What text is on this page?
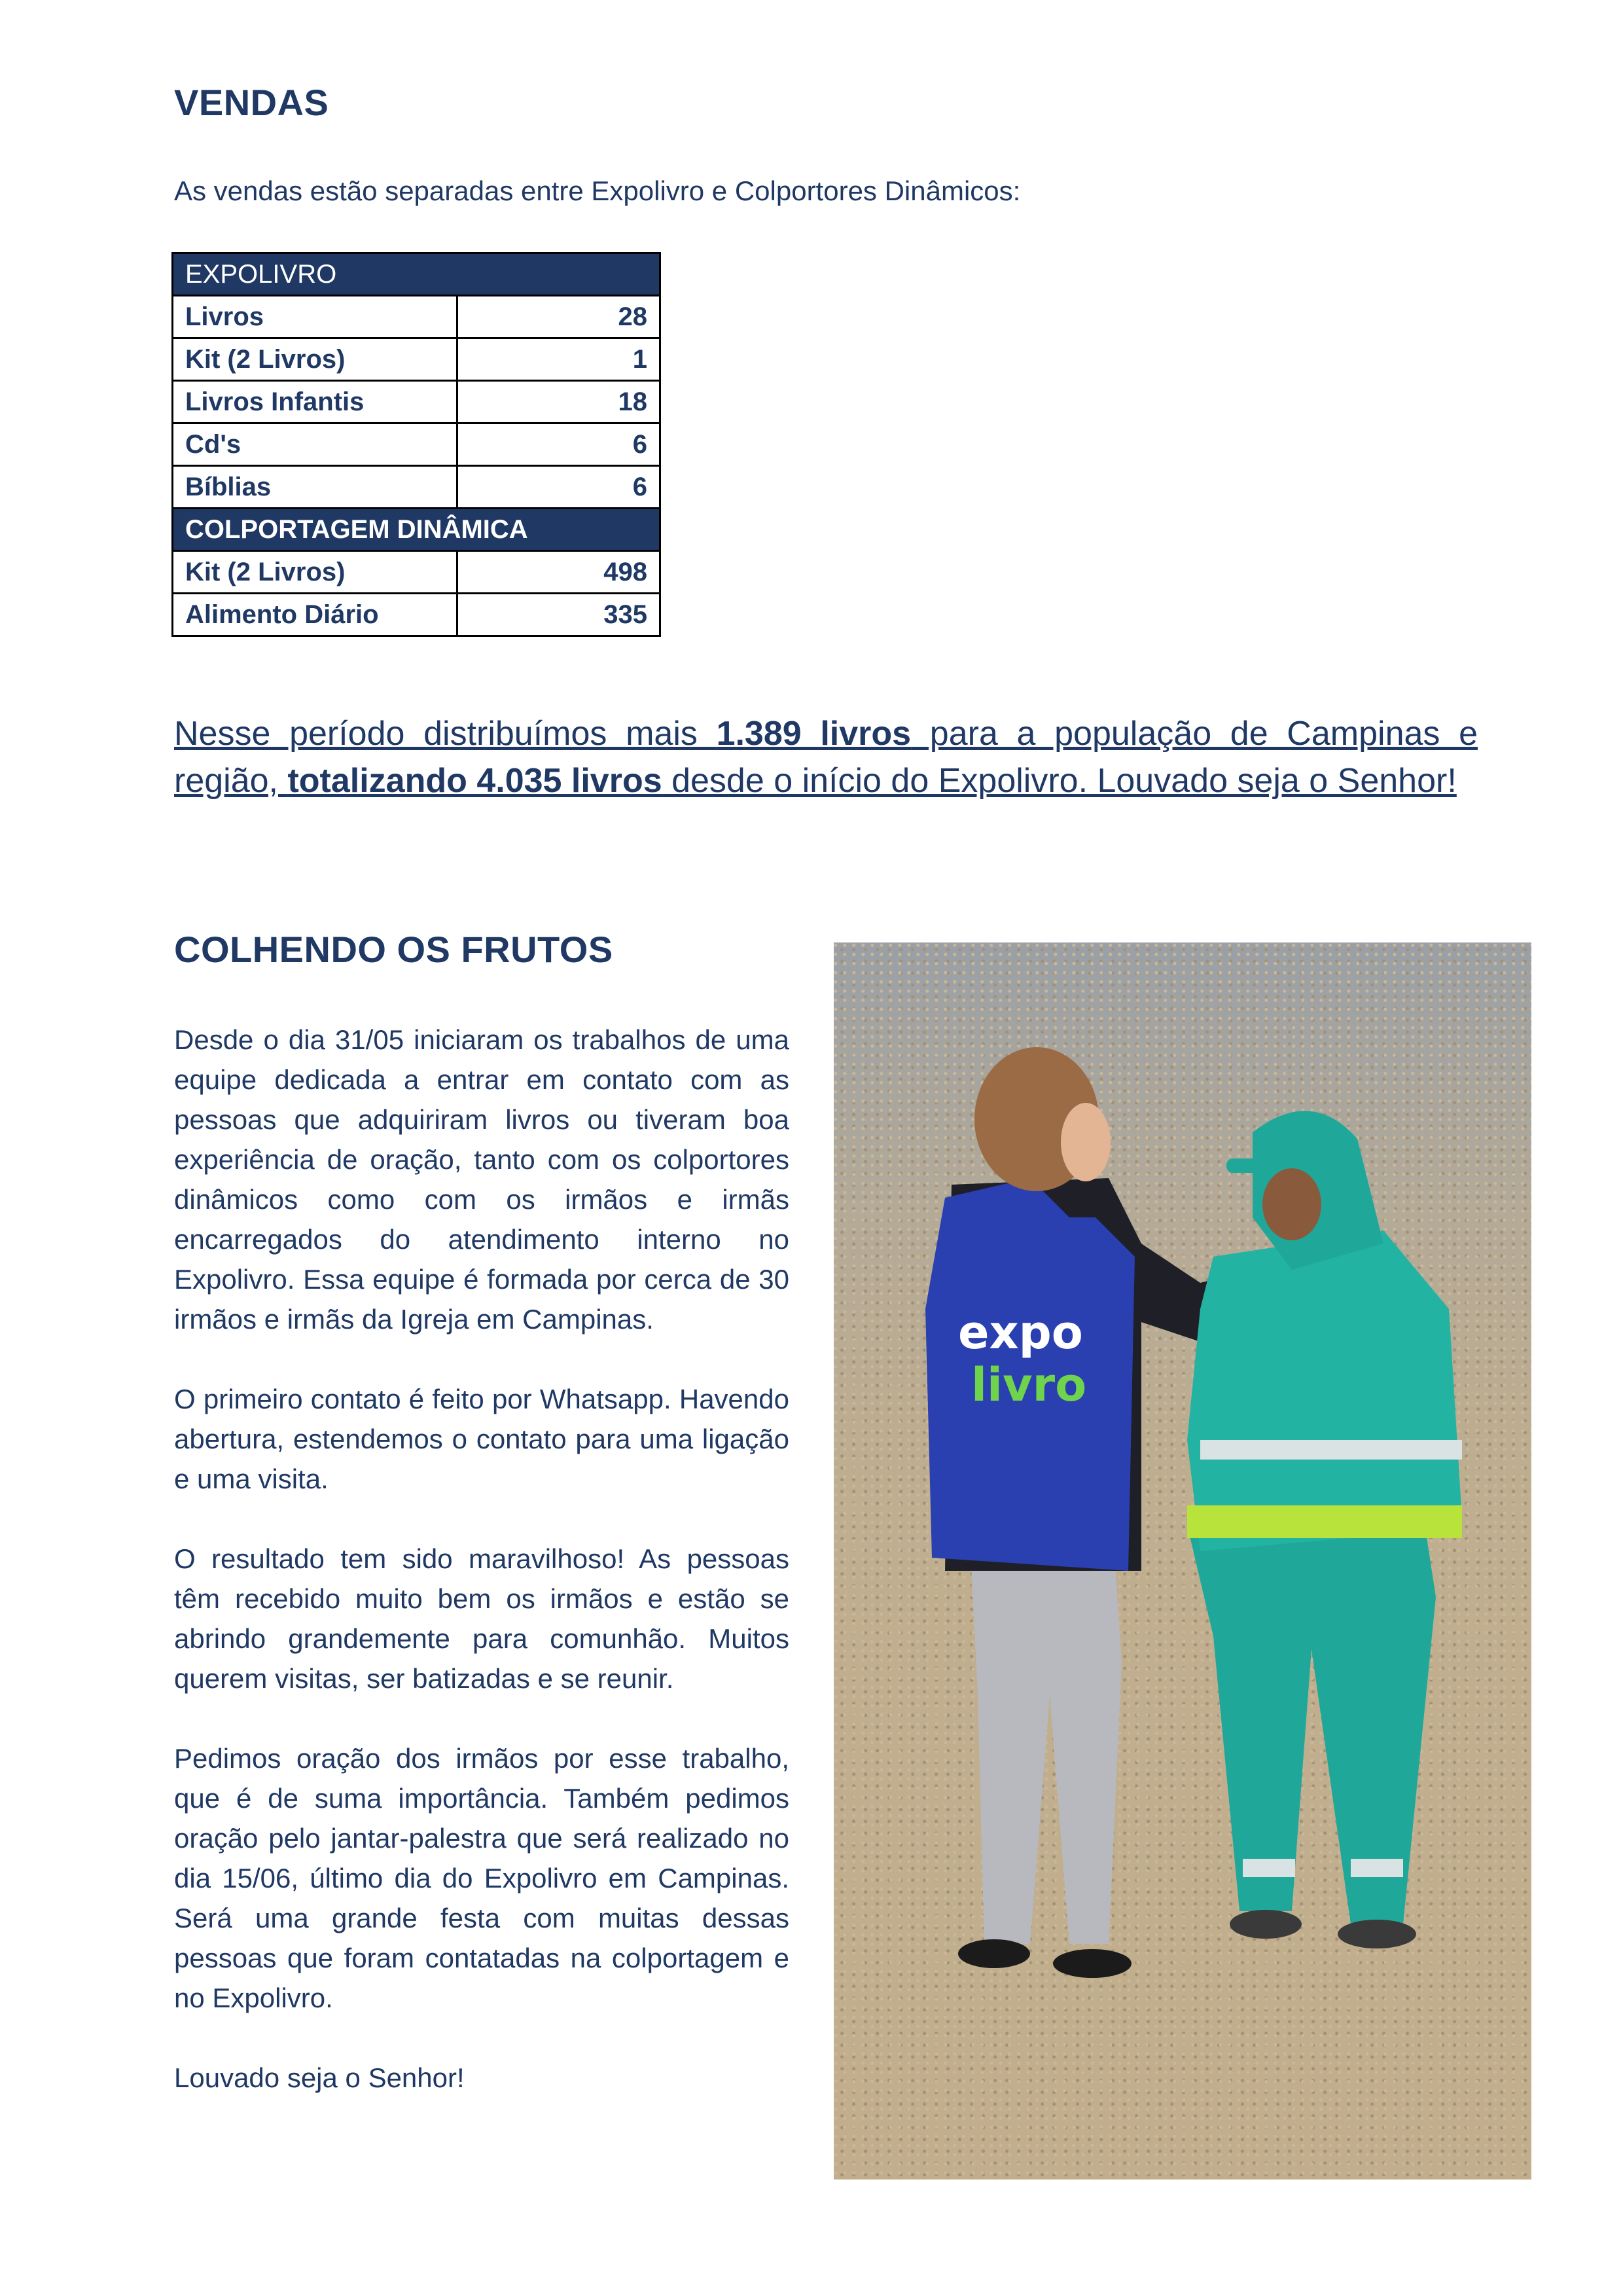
VENDAS

As vendas estão separadas entre Expolivro e Colportores Dinâmicos:

EXPOLIVRO	
Livros	28
Kit (2 Livros)	1
Livros Infantis	18
Cd's	6
Bíblias	6
COLPORTAGEM DINÂMICA	
Kit (2 Livros)	498
Alimento Diário	335

Nesse período distribuímos mais 1.389 livros para a população de Campinas e região, totalizando 4.035 livros desde o início do Expolivro. Louvado seja o Senhor!

COLHENDO OS FRUTOS

Desde o dia 31/05 iniciaram os trabalhos de uma equipe dedicada a entrar em contato com as pessoas que adquiriram livros ou tiveram boa experiência de oração, tanto com os colportores dinâmicos como com os irmãos e irmãs encarregados do atendimento interno no Expolivro. Essa equipe é formada por cerca de 30 irmãos e irmãs da Igreja em Campinas.

O primeiro contato é feito por Whatsapp. Havendo abertura, estendemos o contato para uma ligação e uma visita.

O resultado tem sido maravilhoso! As pessoas têm recebido muito bem os irmãos e estão se abrindo grandemente para comunhão. Muitos querem visitas, ser batizadas e se reunir.

Pedimos oração dos irmãos por esse trabalho, que é de suma importância. Também pedimos oração pelo jantar-palestra que será realizado no dia 15/06, último dia do Expolivro em Campinas. Será uma grande festa com muitas dessas pessoas que foram contatadas na colportagem e no Expolivro.

Louvado seja o Senhor!

expo
livro
